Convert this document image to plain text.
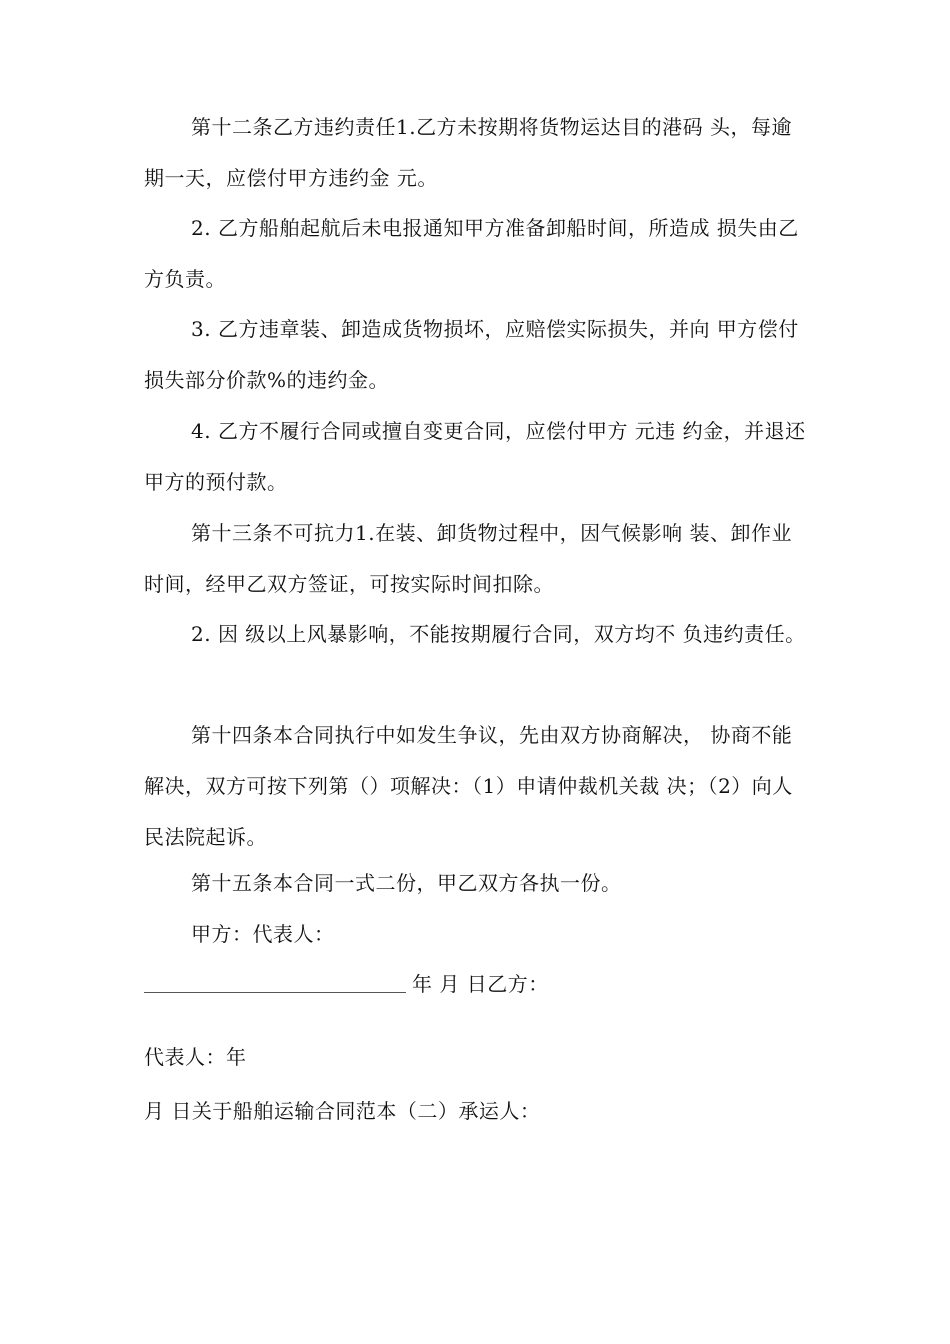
第十二条乙方违约责任1.乙方未按期将货物运达目的港码 头，每逾期一天，应偿付甲方违约金 元。

2. 乙方船舶起航后未电报通知甲方准备卸船时间，所造成 损失由乙方负责。

3. 乙方违章装、卸造成货物损坏，应赔偿实际损失，并向 甲方偿付损失部分价款%的违约金。

4. 乙方不履行合同或擅自变更合同，应偿付甲方 元违 约金，并退还甲方的预付款。

第十三条不可抗力1.在装、卸货物过程中，因气候影响 装、卸作业时间，经甲乙双方签证，可按实际时间扣除。

2. 因 级以上风暴影响，不能按期履行合同，双方均不 负违约责任。

第十四条本合同执行中如发生争议，先由双方协商解决， 协商不能解决，双方可按下列第（）项解决：（1）申请仲裁机关裁 决；（2）向人民法院起诉。

第十五条本合同一式二份，甲乙双方各执一份。

甲方：代表人：

年 月 日乙方：
代表人：年
月 日关于船舶运输合同范本（二）承运人：
